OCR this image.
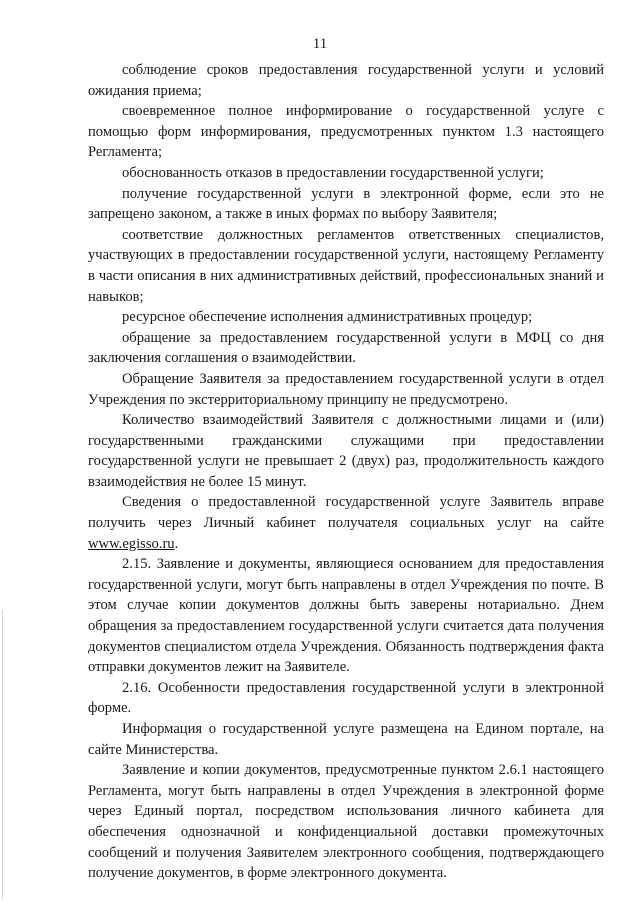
11

соблюдение сроков предоставления государственной услуги и условий ожидания приема;

своевременное полное информирование о государственной услуге с помощью форм информирования, предусмотренных пунктом 1.3 настоящего Регламента;

обоснованность отказов в предоставлении государственной услуги;

получение государственной услуги в электронной форме, если это не запрещено законом, а также в иных формах по выбору Заявителя;

соответствие должностных регламентов ответственных специалистов, участвующих в предоставлении государственной услуги, настоящему Регламенту в части описания в них административных действий, профессиональных знаний и навыков;

ресурсное обеспечение исполнения административных процедур;

обращение за предоставлением государственной услуги в МФЦ со дня заключения соглашения о взаимодействии.

Обращение Заявителя за предоставлением государственной услуги в отдел Учреждения по экстерриториальному принципу не предусмотрено.

Количество взаимодействий Заявителя с должностными лицами и (или) государственными гражданскими служащими при предоставлении государственной услуги не превышает 2 (двух) раз, продолжительность каждого взаимодействия не более 15 минут.

Сведения о предоставленной государственной услуге Заявитель вправе получить через Личный кабинет получателя социальных услуг на сайте www.egisso.ru.

2.15. Заявление и документы, являющиеся основанием для предоставления государственной услуги, могут быть направлены в отдел Учреждения по почте. В этом случае копии документов должны быть заверены нотариально. Днем обращения за предоставлением государственной услуги считается дата получения документов специалистом отдела Учреждения. Обязанность подтверждения факта отправки документов лежит на Заявителе.

2.16. Особенности предоставления государственной услуги в электронной форме.

Информация о государственной услуге размещена на Едином портале, на сайте Министерства.

Заявление и копии документов, предусмотренные пунктом 2.6.1 настоящего Регламента, могут быть направлены в отдел Учреждения в электронной форме через Единый портал, посредством использования личного кабинета для обеспечения однозначной и конфиденциальной доставки промежуточных сообщений и получения Заявителем электронного сообщения, подтверждающего получение документов, в форме электронного документа.
